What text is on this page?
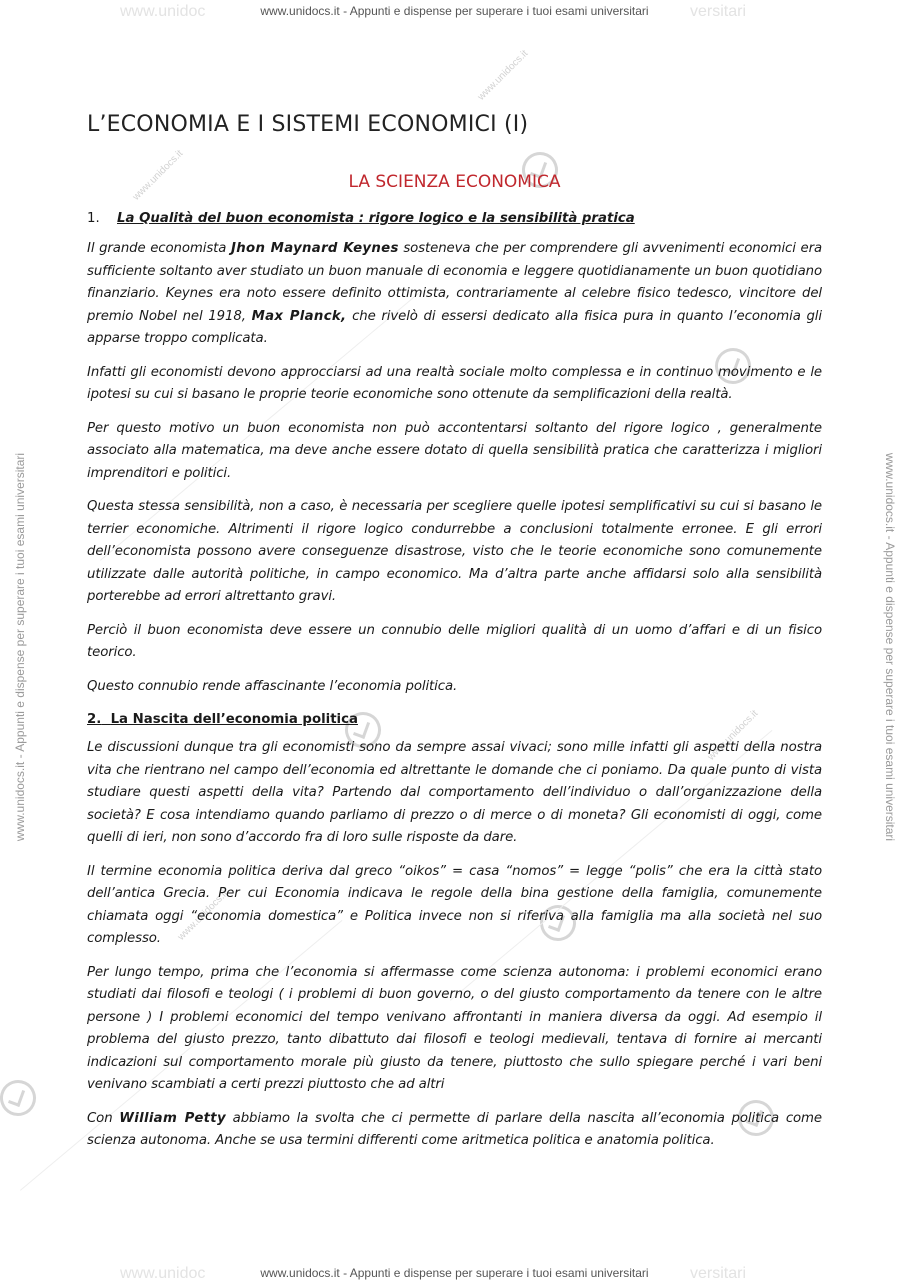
www.unidoc	versitari
www.unidocs.it - Appunti e dispense per superare i tuoi esami universitari
www.unidoc	versitari
www.unidocs.it - Appunti e dispense per superare i tuoi esami universitari
www.unidocs.it - Appunti e dispense per superare i tuoi esami universitari	www.unidocs.it - Appunti e dispense per superare i tuoi esami universitari
www.unidocs.it
www.unidocs.it
www.unidocs.it
www.unidocs.it
L’ECONOMIA E I SISTEMI ECONOMICI (I)
LA SCIENZA ECONOMICA
1. La Qualità del buon economista : rigore logico e la sensibilità pratica

Il grande economista Jhon Maynard Keynes sosteneva che per comprendere gli avvenimenti economici era sufficiente soltanto aver studiato un buon manuale di economia e leggere quotidianamente un buon quotidiano finanziario. Keynes era noto essere definito ottimista, contrariamente al celebre fisico tedesco, vincitore del premio Nobel nel 1918, Max Planck, che rivelò di essersi dedicato alla fisica pura in quanto l’economia gli apparse troppo complicata.

Infatti gli economisti devono approcciarsi ad una realtà sociale molto complessa e in continuo movimento e le ipotesi su cui si basano le proprie teorie economiche sono ottenute da semplificazioni della realtà.

Per questo motivo un buon economista non può accontentarsi soltanto del rigore logico , generalmente associato alla matematica, ma deve anche essere dotato di quella sensibilità pratica che caratterizza i migliori imprenditori e politici.

Questa stessa sensibilità, non a caso, è necessaria per scegliere quelle ipotesi semplificativi su cui si basano le terrier economiche. Altrimenti il rigore logico condurrebbe a conclusioni totalmente erronee. E gli errori dell’economista possono avere conseguenze disastrose, visto che le teorie economiche sono comunemente utilizzate dalle autorità politiche, in campo economico. Ma d’altra parte anche affidarsi solo alla sensibilità porterebbe ad errori altrettanto gravi.

Perciò il buon economista deve essere un connubio delle migliori qualità di un uomo d’affari e di un fisico teorico.

Questo connubio rende affascinante l’economia politica.

2. La Nascita dell’economia politica

Le discussioni dunque tra gli economisti sono da sempre assai vivaci; sono mille infatti gli aspetti della nostra vita che rientrano nel campo dell’economia ed altrettante le domande che ci poniamo. Da quale punto di vista studiare questi aspetti della vita? Partendo dal comportamento dell’individuo o dall’organizzazione della società? E cosa intendiamo quando parliamo di prezzo o di merce o di moneta? Gli economisti di oggi, come quelli di ieri, non sono d’accordo fra di loro sulle risposte da dare.

Il termine economia politica deriva dal greco “oikos” = casa “nomos” = legge “polis” che era la città stato dell’antica Grecia. Per cui Economia indicava le regole della bina gestione della famiglia, comunemente chiamata oggi “economia domestica” e Politica invece non si riferiva alla famiglia ma alla società nel suo complesso.

Per lungo tempo, prima che l’economia si affermasse come scienza autonoma: i problemi economici erano studiati dai filosofi e teologi ( i problemi di buon governo, o del giusto comportamento da tenere con le altre persone ) I problemi economici del tempo venivano affrontanti in maniera diversa da oggi. Ad esempio il problema del giusto prezzo, tanto dibattuto dai filosofi e teologi medievali, tentava di fornire ai mercanti indicazioni sul comportamento morale più giusto da tenere, piuttosto che sullo spiegare perché i vari beni venivano scambiati a certi prezzi piuttosto che ad altri

Con William Petty abbiamo la svolta che ci permette di parlare della nascita all’economia politica come scienza autonoma. Anche se usa termini differenti come aritmetica politica e anatomia politica.
